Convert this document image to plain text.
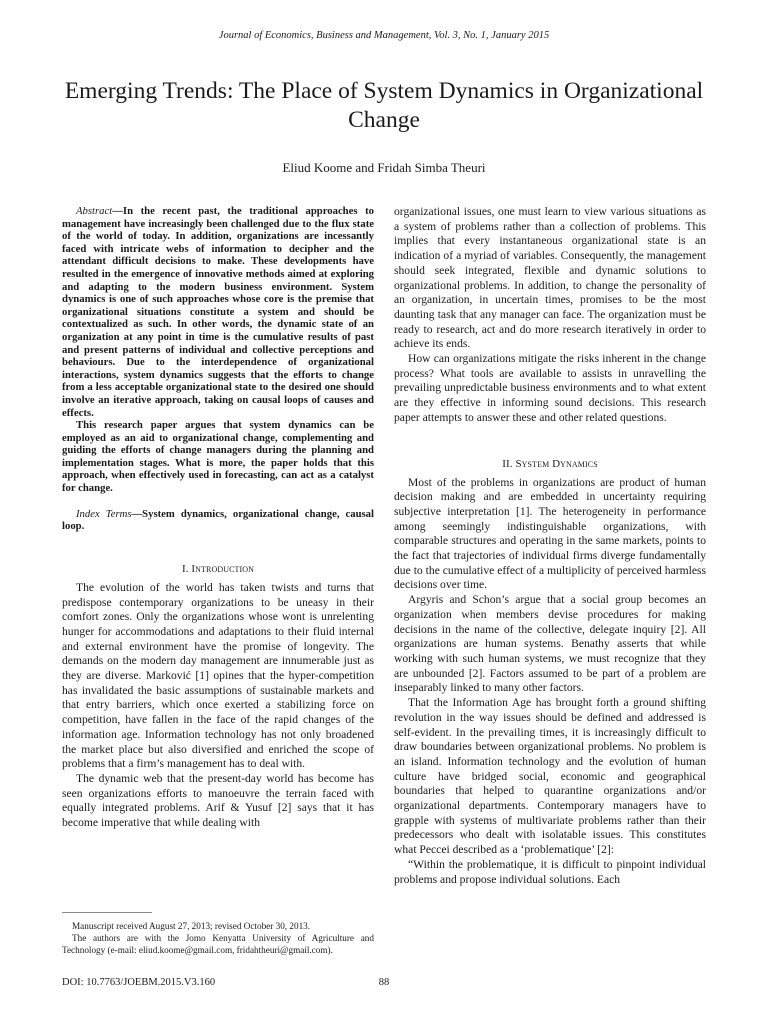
Journal of Economics, Business and Management, Vol. 3, No. 1, January 2015
Emerging Trends: The Place of System Dynamics in Organizational Change
Eliud Koome and Fridah Simba Theuri

Abstract—In the recent past, the traditional approaches to management have increasingly been challenged due to the flux state of the world of today. In addition, organizations are incessantly faced with intricate webs of information to decipher and the attendant difficult decisions to make. These developments have resulted in the emergence of innovative methods aimed at exploring and adapting to the modern business environment. System dynamics is one of such approaches whose core is the premise that organizational situations constitute a system and should be contextualized as such. In other words, the dynamic state of an organization at any point in time is the cumulative results of past and present patterns of individual and collective perceptions and behaviours. Due to the interdependence of organizational interactions, system dynamics suggests that the efforts to change from a less acceptable organizational state to the desired one should involve an iterative approach, taking on causal loops of causes and effects.

This research paper argues that system dynamics can be employed as an aid to organizational change, complementing and guiding the efforts of change managers during the planning and implementation stages. What is more, the paper holds that this approach, when effectively used in forecasting, can act as a catalyst for change.

Index Terms—System dynamics, organizational change, causal loop.

I. Introduction

The evolution of the world has taken twists and turns that predispose contemporary organizations to be uneasy in their comfort zones. Only the organizations whose wont is unrelenting hunger for accommodations and adaptations to their fluid internal and external environment have the promise of longevity. The demands on the modern day management are innumerable just as they are diverse. Marković [1] opines that the hyper-competition has invalidated the basic assumptions of sustainable markets and that entry barriers, which once exerted a stabilizing force on competition, have fallen in the face of the rapid changes of the information age. Information technology has not only broadened the market place but also diversified and enriched the scope of problems that a firm’s management has to deal with.

The dynamic web that the present-day world has become has seen organizations efforts to manoeuvre the terrain faced with equally integrated problems. Arif & Yusuf [2] says that it has become imperative that while dealing with

organizational issues, one must learn to view various situations as a system of problems rather than a collection of problems. This implies that every instantaneous organizational state is an indication of a myriad of variables. Consequently, the management should seek integrated, flexible and dynamic solutions to organizational problems. In addition, to change the personality of an organization, in uncertain times, promises to be the most daunting task that any manager can face. The organization must be ready to research, act and do more research iteratively in order to achieve its ends.

How can organizations mitigate the risks inherent in the change process? What tools are available to assists in unravelling the prevailing unpredictable business environments and to what extent are they effective in informing sound decisions. This research paper attempts to answer these and other related questions.

II. System Dynamics

Most of the problems in organizations are product of human decision making and are embedded in uncertainty requiring subjective interpretation [1]. The heterogeneity in performance among seemingly indistinguishable organizations, with comparable structures and operating in the same markets, points to the fact that trajectories of individual firms diverge fundamentally due to the cumulative effect of a multiplicity of perceived harmless decisions over time.

Argyris and Schon’s argue that a social group becomes an organization when members devise procedures for making decisions in the name of the collective, delegate inquiry [2]. All organizations are human systems. Benathy asserts that while working with such human systems, we must recognize that they are unbounded [2]. Factors assumed to be part of a problem are inseparably linked to many other factors.

That the Information Age has brought forth a ground shifting revolution in the way issues should be defined and addressed is self-evident. In the prevailing times, it is increasingly difficult to draw boundaries between organizational problems. No problem is an island. Information technology and the evolution of human culture have bridged social, economic and geographical boundaries that helped to quarantine organizations and/or organizational departments. Contemporary managers have to grapple with systems of multivariate problems rather than their predecessors who dealt with isolatable issues. This constitutes what Peccei described as a ‘problematique’ [2]:

“Within the problematique, it is difficult to pinpoint individual problems and propose individual solutions. Each

Manuscript received August 27, 2013; revised October 30, 2013.

The authors are with the Jomo Kenyatta University of Agriculture and Technology (e-mail: eliud.koome@gmail.com, fridahtheuri@gmail.com).

DOI: 10.7763/JOEBM.2015.V3.160	88
